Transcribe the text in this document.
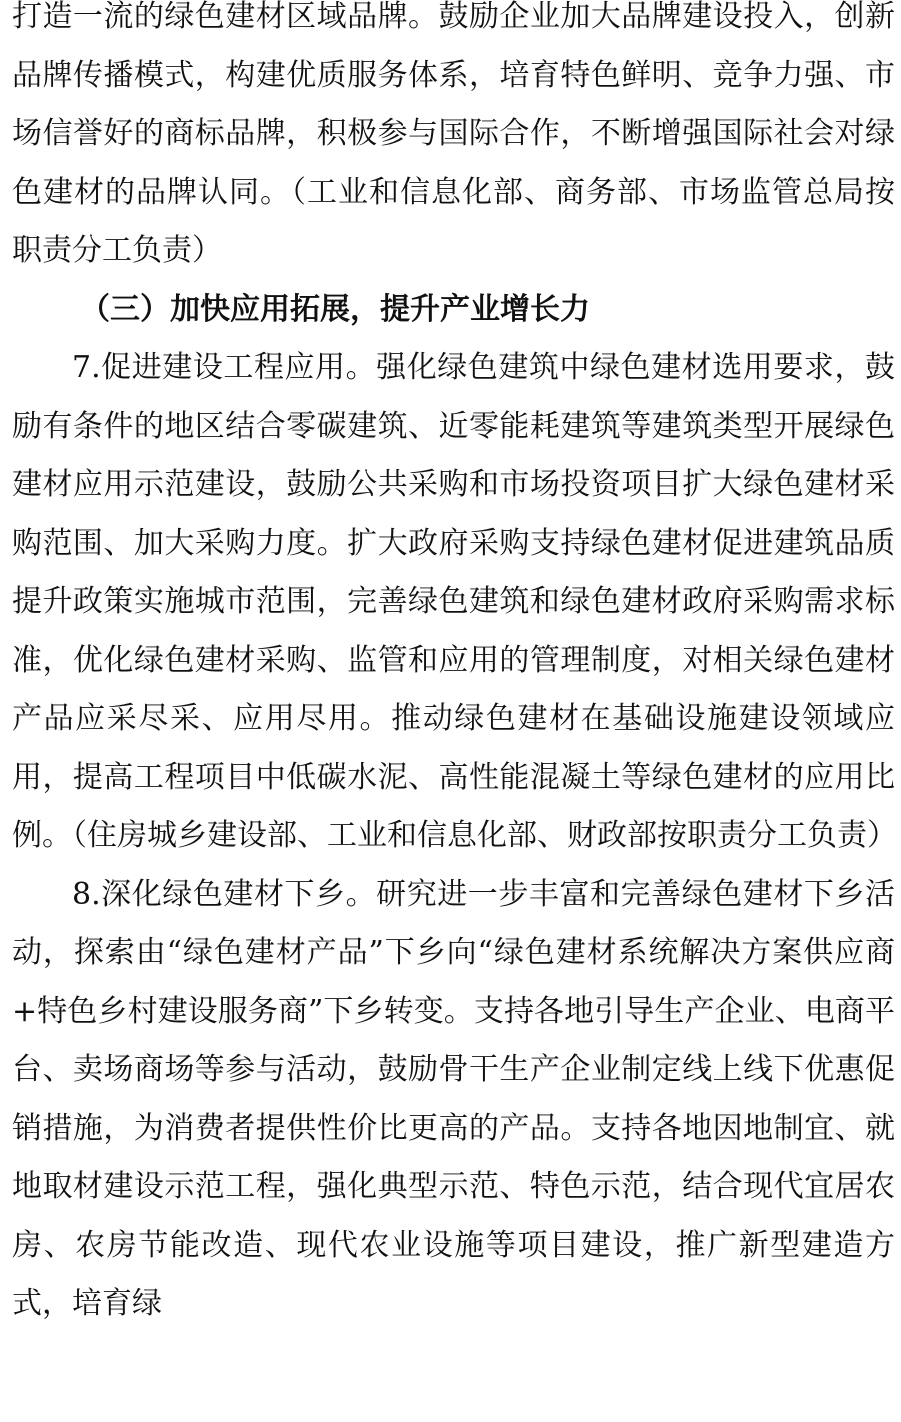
打造一流的绿色建材区域品牌。鼓励企业加大品牌建设投入，创新品牌传播模式，构建优质服务体系，培育特色鲜明、竞争力强、市场信誉好的商标品牌，积极参与国际合作，不断增强国际社会对绿色建材的品牌认同。（工业和信息化部、商务部、市场监管总局按职责分工负责）

（三）加快应用拓展，提升产业增长力

7.促进建设工程应用。强化绿色建筑中绿色建材选用要求，鼓励有条件的地区结合零碳建筑、近零能耗建筑等建筑类型开展绿色建材应用示范建设，鼓励公共采购和市场投资项目扩大绿色建材采购范围、加大采购力度。扩大政府采购支持绿色建材促进建筑品质提升政策实施城市范围，完善绿色建筑和绿色建材政府采购需求标准，优化绿色建材采购、监管和应用的管理制度，对相关绿色建材产品应采尽采、应用尽用。推动绿色建材在基础设施建设领域应用，提高工程项目中低碳水泥、高性能混凝土等绿色建材的应用比例。（住房城乡建设部、工业和信息化部、财政部按职责分工负责）

8.深化绿色建材下乡。研究进一步丰富和完善绿色建材下乡活动，探索由“绿色建材产品”下乡向“绿色建材系统解决方案供应商+特色乡村建设服务商”下乡转变。支持各地引导生产企业、电商平台、卖场商场等参与活动，鼓励骨干生产企业制定线上线下优惠促销措施，为消费者提供性价比更高的产品。支持各地因地制宜、就地取材建设示范工程，强化典型示范、特色示范，结合现代宜居农房、农房节能改造、现代农业设施等项目建设，推广新型建造方式，培育绿
